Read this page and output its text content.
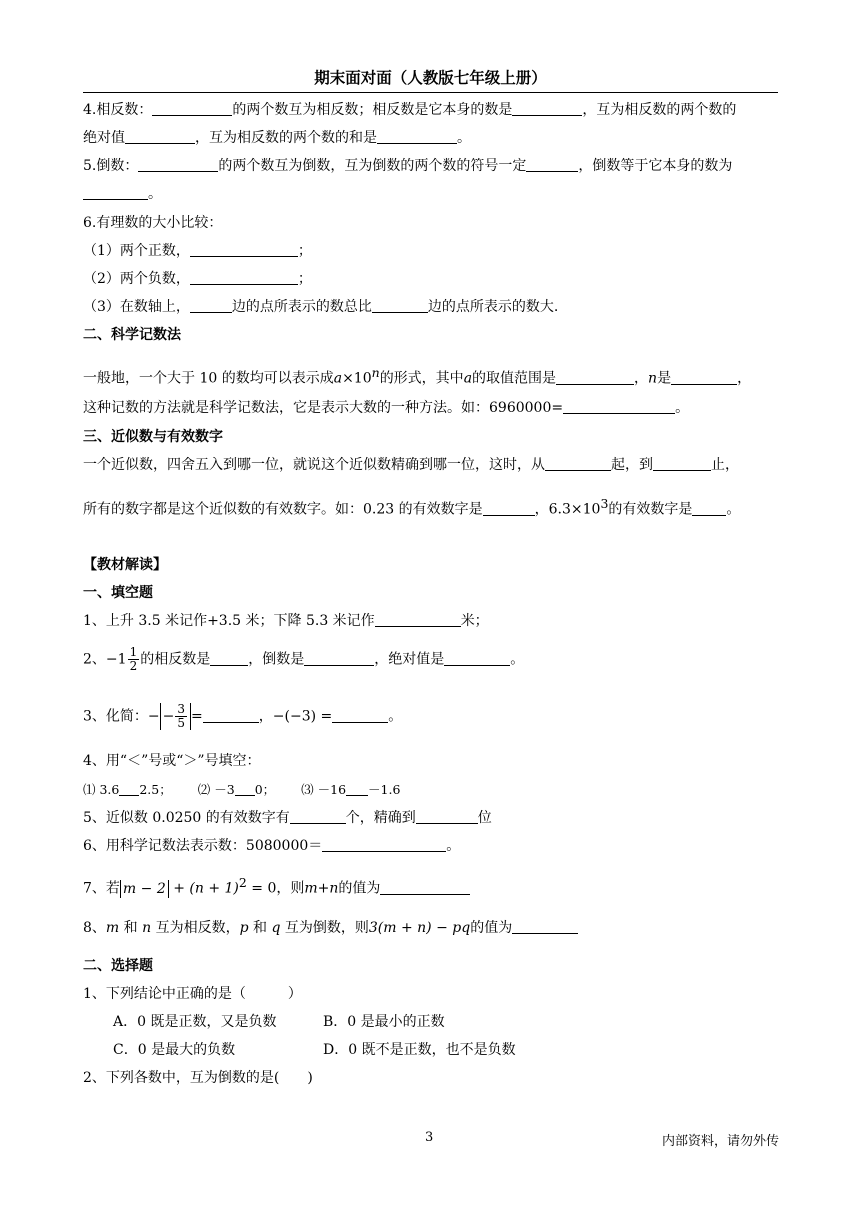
期末面对面（人教版七年级上册）
4.相反数：	的两个数互为相反数；相反数是它本身的数是	，互为相反数的两个数的
绝对值	，互为相反数的两个数的和是	。
5.倒数：	的两个数互为倒数，互为倒数的两个数的符号一定	，倒数等于它本身的数为
。
6.有理数的大小比较：
（1）两个正数，	；
（2）两个负数，	；
（3）在数轴上，	边的点所表示的数总比	边的点所表示的数大.
二、科学记数法
一般地，一个大于 10 的数均可以表示成$a\times 10^n$的形式，其中a的取值范围是	，n是	，
这种记数的方法就是科学记数法，它是表示大数的一种方法。如：6960000=	。
三、近似数与有效数字
一个近似数，四舍五入到哪一位，就说这个近似数精确到哪一位，这时，从	起，到	止，
所有的数字都是这个近似数的有效数字。如：0.23 的有效数字是	，$6.3\times 10^3$的有效数字是 。
【教材解读】
一、填空题
1、上升 3.5 米记作+3.5 米；下降 5.3 米记作	米；
2、$-1 \frac{1}{2}$ 的相反数是	，倒数是	，绝对值是	。
3、化简：− − $\frac{3}{5}$ =	，−(−3) =	。
4、用“＜”号或“＞”号填空：
⑴ 3.6 2.5； ⑵ －3 0； ⑶ －16 －1.6
5、近似数 0.0250 的有效数字有	个，精确到	位
6、用科学记数法表示数：5080000＝	。
7、若 $m - 2 + (n + 1)^2 = 0$，则m+n的值为
8、m 和 n 互为相反数，p 和 q 互为倒数，则3(m + n) − pq的值为
二、选择题
1、下列结论中正确的是（　　　）
A．0 既是正数，又是负数	B．0 是最小的正数
C．0 是最大的负数	D．0 既不是正数，也不是负数
2、下列各数中，互为倒数的是(　　)
3	内部资料，请勿外传
